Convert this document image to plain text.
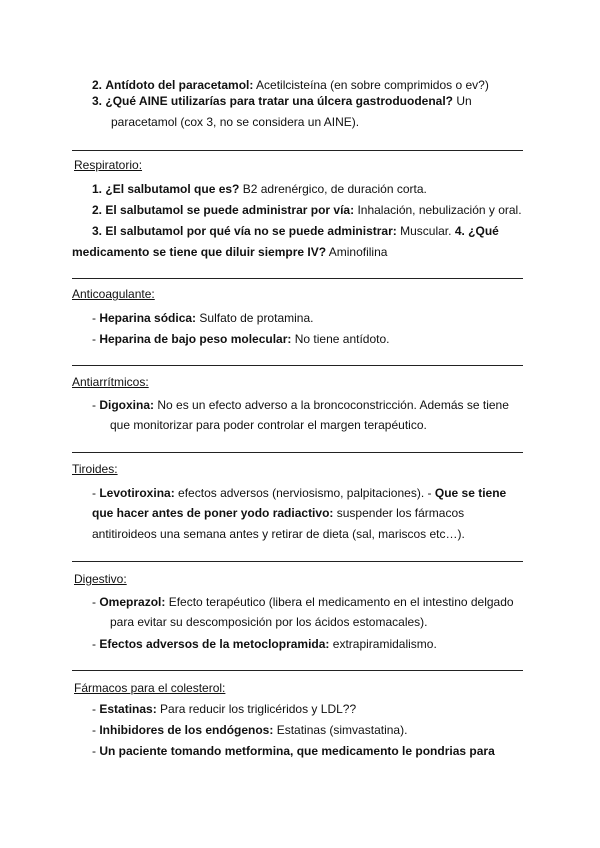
2. Antídoto del paracetamol: Acetilcisteína (en sobre comprimidos o ev?)
3. ¿Qué AINE utilizarías para tratar una úlcera gastroduodenal? Un
paracetamol (cox 3, no se considera un AINE).
Respiratorio:
1. ¿El salbutamol que es? B2 adrenérgico, de duración corta.
2. El salbutamol se puede administrar por vía: Inhalación, nebulización y oral.
3. El salbutamol por qué vía no se puede administrar: Muscular. 4. ¿Qué
medicamento se tiene que diluir siempre IV? Aminofilina
Anticoagulante:
- Heparina sódica: Sulfato de protamina.
- Heparina de bajo peso molecular: No tiene antídoto.
Antiarrítmicos:
- Digoxina: No es un efecto adverso a la broncoconstricción. Además se tiene
que monitorizar para poder controlar el margen terapéutico.
Tiroides:
- Levotiroxina: efectos adversos (nerviosismo, palpitaciones). - Que se tiene
que hacer antes de poner yodo radiactivo: suspender los fármacos
antitiroideos una semana antes y retirar de dieta (sal, mariscos etc…).
Digestivo:
- Omeprazol: Efecto terapéutico (libera el medicamento en el intestino delgado
para evitar su descomposición por los ácidos estomacales).
- Efectos adversos de la metoclopramida: extrapiramidalismo.
Fármacos para el colesterol:
- Estatinas: Para reducir los triglicéridos y LDL??
- Inhibidores de los endógenos: Estatinas (simvastatina).
- Un paciente tomando metformina, que medicamento le pondrias para
